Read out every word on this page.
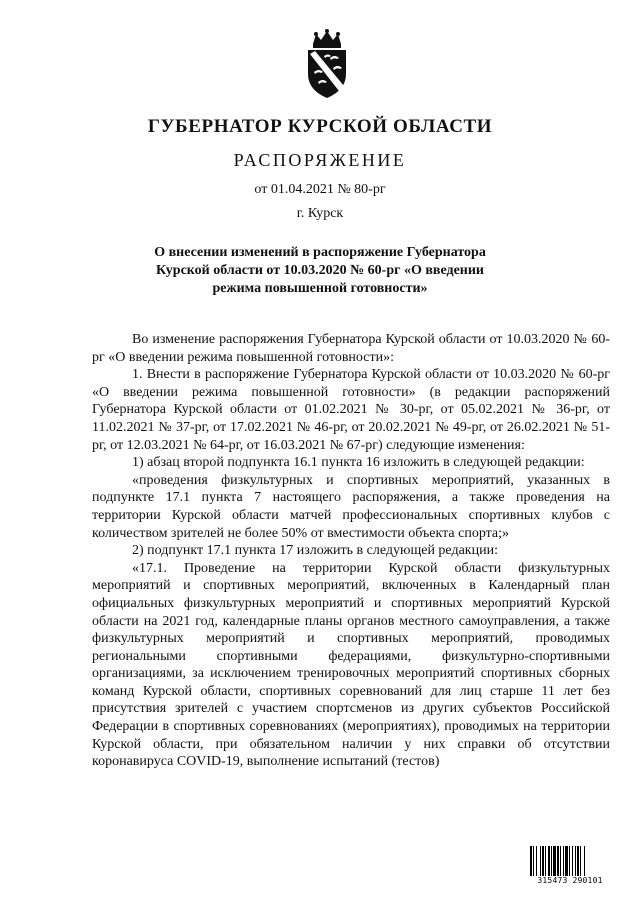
ГУБЕРНАТОР КУРСКОЙ ОБЛАСТИ
РАСПОРЯЖЕНИЕ
от 01.04.2021 № 80-рг
г. Курск
О внесении изменений в распоряжение Губернатора Курской области от 10.03.2020 № 60-рг «О введении режима повышенной готовности»

Во изменение распоряжения Губернатора Курской области от 10.03.2020 № 60-рг «О введении режима повышенной готовности»:

1. Внести в распоряжение Губернатора Курской области от 10.03.2020 № 60-рг «О введении режима повышенной готовности» (в редакции распоряжений Губернатора Курской области от 01.02.2021 № 30-рг, от 05.02.2021 № 36-рг, от 11.02.2021 № 37-рг, от 17.02.2021 № 46-рг, от 20.02.2021 № 49-рг, от 26.02.2021 № 51-рг, от 12.03.2021 № 64-рг, от 16.03.2021 № 67-рг) следующие изменения:

1) абзац второй подпункта 16.1 пункта 16 изложить в следующей редакции:

«проведения физкультурных и спортивных мероприятий, указанных в подпункте 17.1 пункта 7 настоящего распоряжения, а также проведения на территории Курской области матчей профессиональных спортивных клубов с количеством зрителей не более 50% от вместимости объекта спорта;»

2) подпункт 17.1 пункта 17 изложить в следующей редакции:

«17.1. Проведение на территории Курской области физкультурных мероприятий и спортивных мероприятий, включенных в Календарный план официальных физкультурных мероприятий и спортивных мероприятий Курской области на 2021 год, календарные планы органов местного самоуправления, а также физкультурных мероприятий и спортивных мероприятий, проводимых региональными спортивными федерациями, физкультурно-спортивными организациями, за исключением тренировочных мероприятий спортивных сборных команд Курской области, спортивных соревнований для лиц старше 11 лет без присутствия зрителей с участием спортсменов из других субъектов Российской Федерации в спортивных соревнованиях (мероприятиях), проводимых на территории Курской области, при обязательном наличии у них справки об отсутствии коронавируса COVID-19, выполнение испытаний (тестов)

315473 290101
